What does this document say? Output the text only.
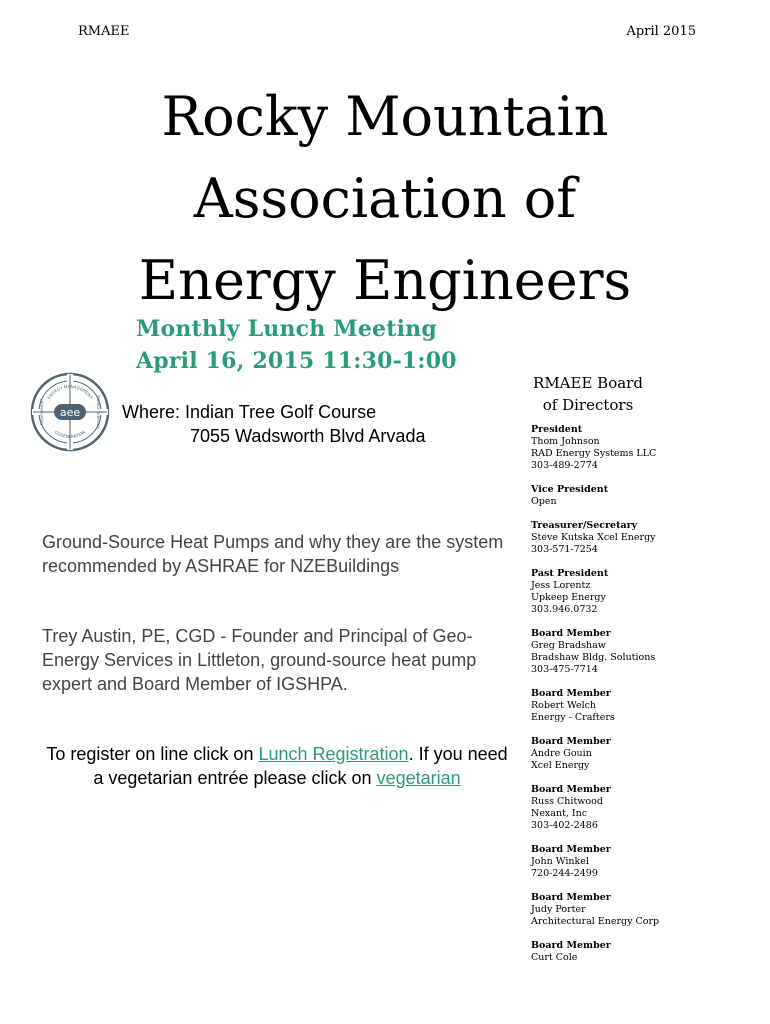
RMAEE	April 2015
Rocky Mountain
Association of
Energy Engineers
Monthly Lunch Meeting
April 16, 2015 11:30-1:00
ENERGY MANAGEMENT
COGENERATION
ENVIRONMENT	ENERGY SERVICES
aee Where: Indian Tree Golf Course
7055 Wadsworth Blvd Arvada
Ground-Source Heat Pumps and why they are the system recommended by ASHRAE for NZEBuildings
Trey Austin, PE, CGD - Founder and Principal of Geo-Energy Services in Littleton, ground-source heat pump expert and Board Member of IGSHPA.
To register on line click on Lunch Registration. If you need a vegetarian entrée please click on vegetarian
RMAEE Board
of Directors
President
Thom Johnson
RAD Energy Systems LLC
303-489-2774
Vice President
Open
Treasurer/Secretary
Steve Kutska Xcel Energy
303-571-7254
Past President
Jess Lorentz
Upkeep Energy
303.946.0732
Board Member
Greg Bradshaw
Bradshaw Bldg. Solutions
303-475-7714
Board Member
Robert Welch
Energy - Crafters
Board Member
Andre Gouin
Xcel Energy
Board Member
Russ Chitwood
Nexant, Inc
303-402-2486
Board Member
John Winkel
720-244-2499
Board Member
Judy Porter
Architectural Energy Corp
Board Member
Curt Cole
